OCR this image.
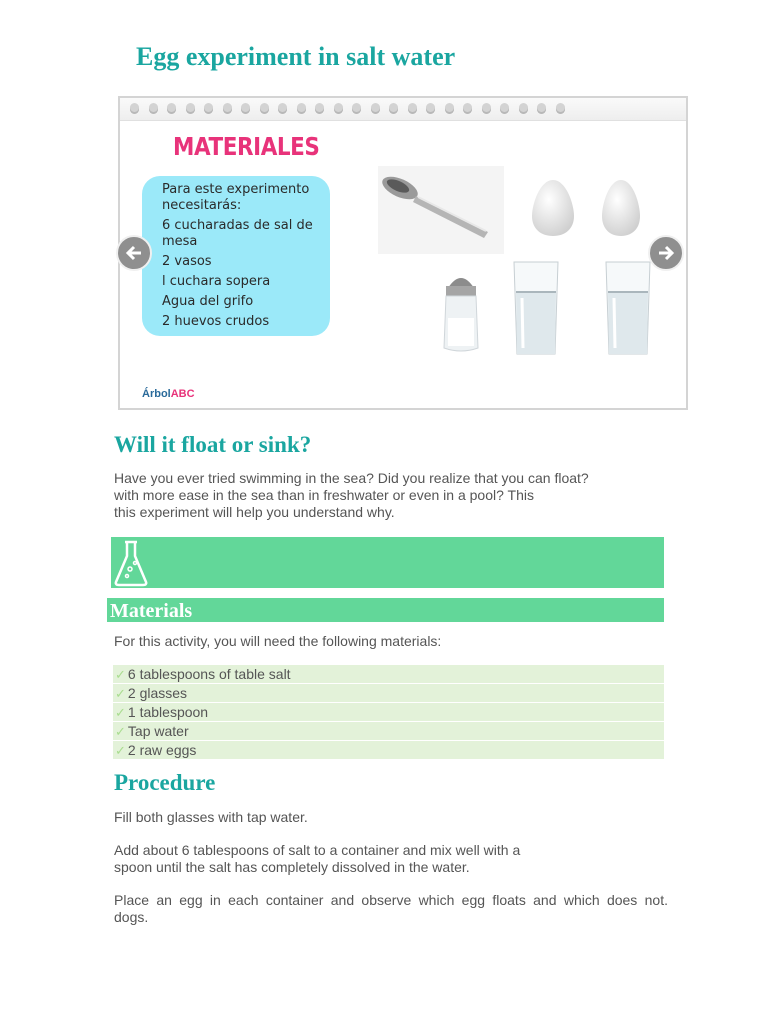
Egg experiment in salt water
MATERIALES

Para este experimento necesitarás:

6 cucharadas de sal de mesa
2 vasos
l cuchara sopera
Agua del grifo
2 huevos crudos
ÁrbolABC
Will it float or sink?

Have you ever tried swimming in the sea? Did you realize that you can float?

with more ease in the sea than in freshwater or even in a pool? This

this experiment will help you understand why.

Materials

For this activity, you will need the following materials:

✓ 6 tablespoons of table salt
✓ 2 glasses
✓ 1 tablespoon
✓ Tap water
✓ 2 raw eggs
Procedure

Fill both glasses with tap water.

Add about 6 tablespoons of salt to a container and mix well with a

spoon until the salt has completely dissolved in the water.

Place an egg in each container and observe which egg floats and which does not.

dogs.
